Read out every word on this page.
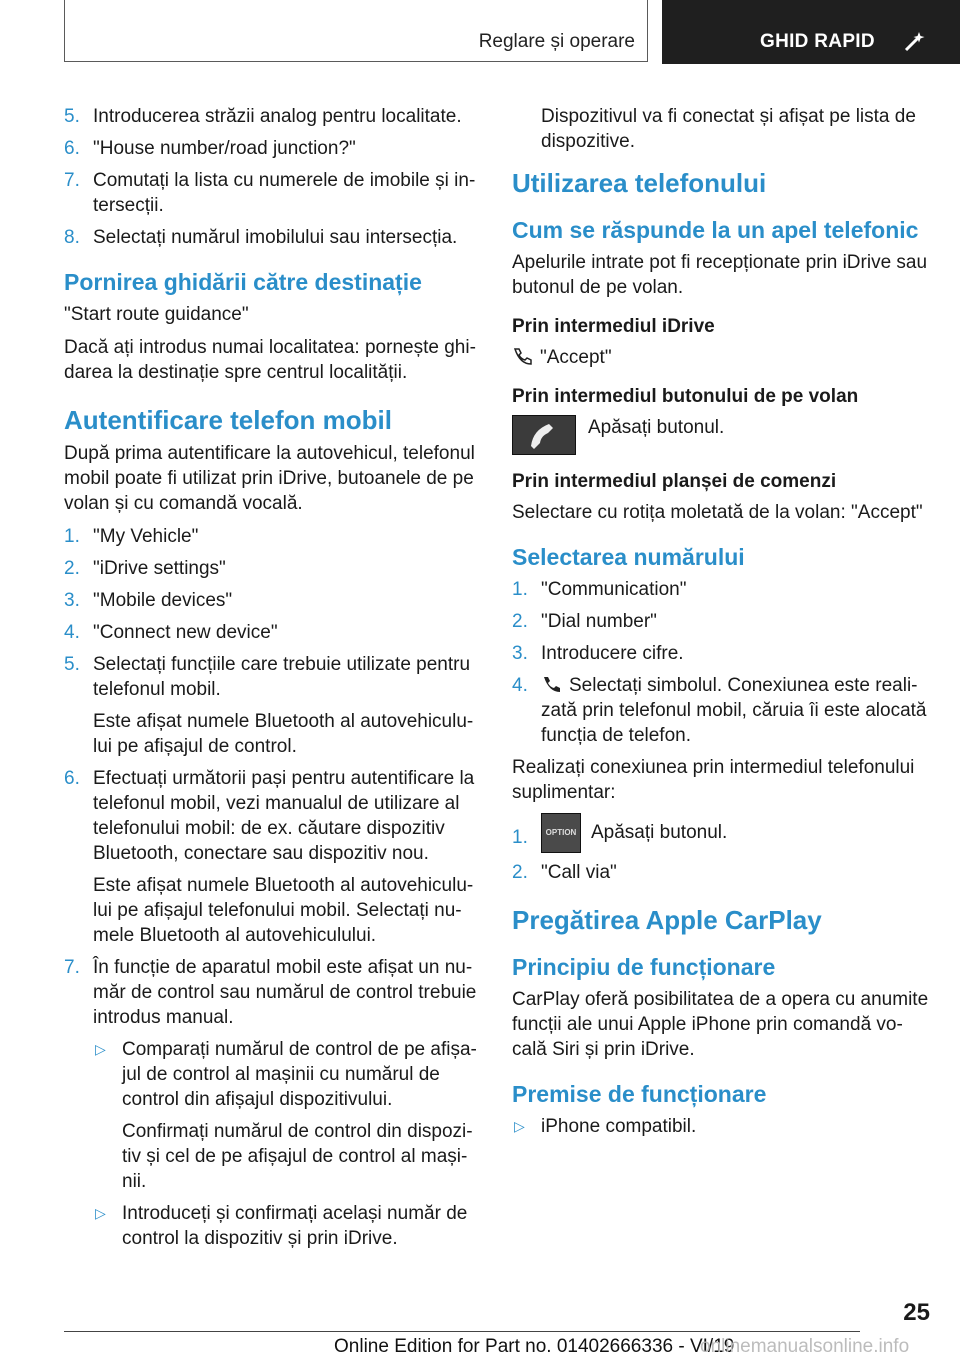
Reglare și operare	GHID RAPID
5. Introducerea străzii analog pentru localitate.
6. "House number/road junction?"
7. Comutați la lista cu numerele de imobile și in-tersecții.
8. Selectați numărul imobilului sau intersecția.
Pornirea ghidării către destinație
"Start route guidance"
Dacă ați introdus numai localitatea: pornește ghi-darea la destinație spre centrul localității.
Autentificare telefon mobil
După prima autentificare la autovehicul, telefonul mobil poate fi utilizat prin iDrive, butoanele de pe volan și cu comandă vocală.
1. "My Vehicle"
2. "iDrive settings"
3. "Mobile devices"
4. "Connect new device"
5. Selectați funcțiile care trebuie utilizate pentru telefonul mobil.
Este afișat numele Bluetooth al autovehiculu-lui pe afișajul de control.
6. Efectuați următorii pași pentru autentificare la telefonul mobil, vezi manualul de utilizare al telefonului mobil: de ex. căutare dispozitiv Bluetooth, conectare sau dispozitiv nou.
Este afișat numele Bluetooth al autovehiculu-lui pe afișajul telefonului mobil. Selectați nu-mele Bluetooth al autovehiculului.
7. În funcție de aparatul mobil este afișat un nu-măr de control sau numărul de control trebuie introdus manual.
▷ Comparați numărul de control de pe afișa-jul de control al mașinii cu numărul de control din afișajul dispozitivului.
Confirmați numărul de control din dispozi-tiv și cel de pe afișajul de control al mași-nii.
▷ Introduceți și confirmați același număr de control la dispozitiv și prin iDrive.
Dispozitivul va fi conectat și afișat pe lista de dispozitive.
Utilizarea telefonului
Cum se răspunde la un apel telefonic
Apelurile intrate pot fi recepționate prin iDrive sau butonul de pe volan.
Prin intermediul iDrive
"Accept"
Prin intermediul butonului de pe volan
Apăsați butonul.
Prin intermediul planșei de comenzi
Selectare cu rotița moletată de la volan: "Accept"
Selectarea numărului
1. "Communication"
2. "Dial number"
3. Introducere cifre.
4. Selectați simbolul. Conexiunea este reali-zată prin telefonul mobil, căruia îi este alocată funcția de telefon.
Realizați conexiunea prin intermediul telefonului suplimentar:
1. OPTION Apăsați butonul.
2. "Call via"
Pregătirea Apple CarPlay
Principiu de funcționare
CarPlay oferă posibilitatea de a opera cu anumite funcții ale unui Apple iPhone prin comandă vo-cală Siri și prin iDrive.
Premise de funcționare
▷ iPhone compatibil.
25
Online Edition for Part no. 01402666336 - VI/19
onlinemanualsonline.info
